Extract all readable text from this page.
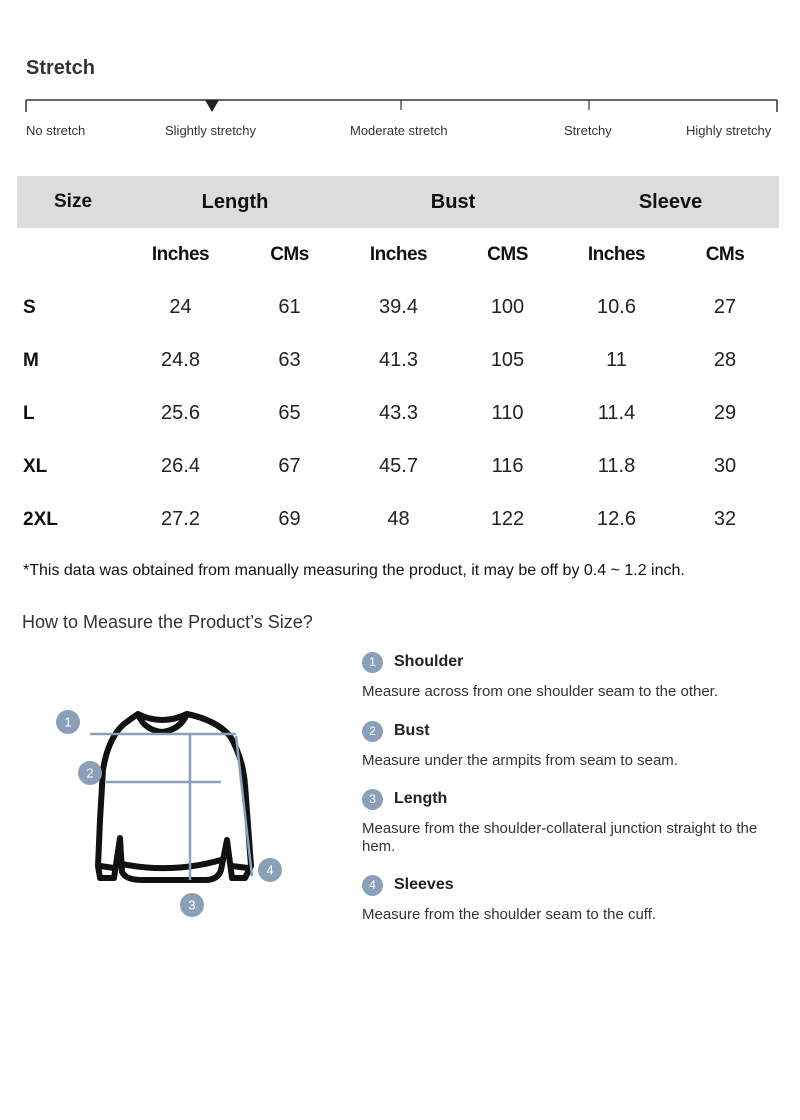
Stretch
No stretch	Slightly stretchy	Moderate stretch	Stretchy	Highly stretchy
Size	Length		Bust		Sleeve	
	Inches	CMs	Inches	CMS	Inches	CMs
S	24	61	39.4	100	10.6	27
M	24.8	63	41.3	105	11	28
L	25.6	65	43.3	110	11.4	29
XL	26.4	67	45.7	116	11.8	30
2XL	27.2	69	48	122	12.6	32
*This data was obtained from manually measuring the product, it may be off by 0.4 ~ 1.2 inch.
How to Measure the Product’s Size?
1
2
3
4
1	Shoulder
Measure across from one shoulder seam to the other.
2	Bust
Measure under the armpits from seam to seam.
3	Length
Measure from the shoulder-collateral junction straight to the hem.
4	Sleeves
Measure from the shoulder seam to the cuff.
